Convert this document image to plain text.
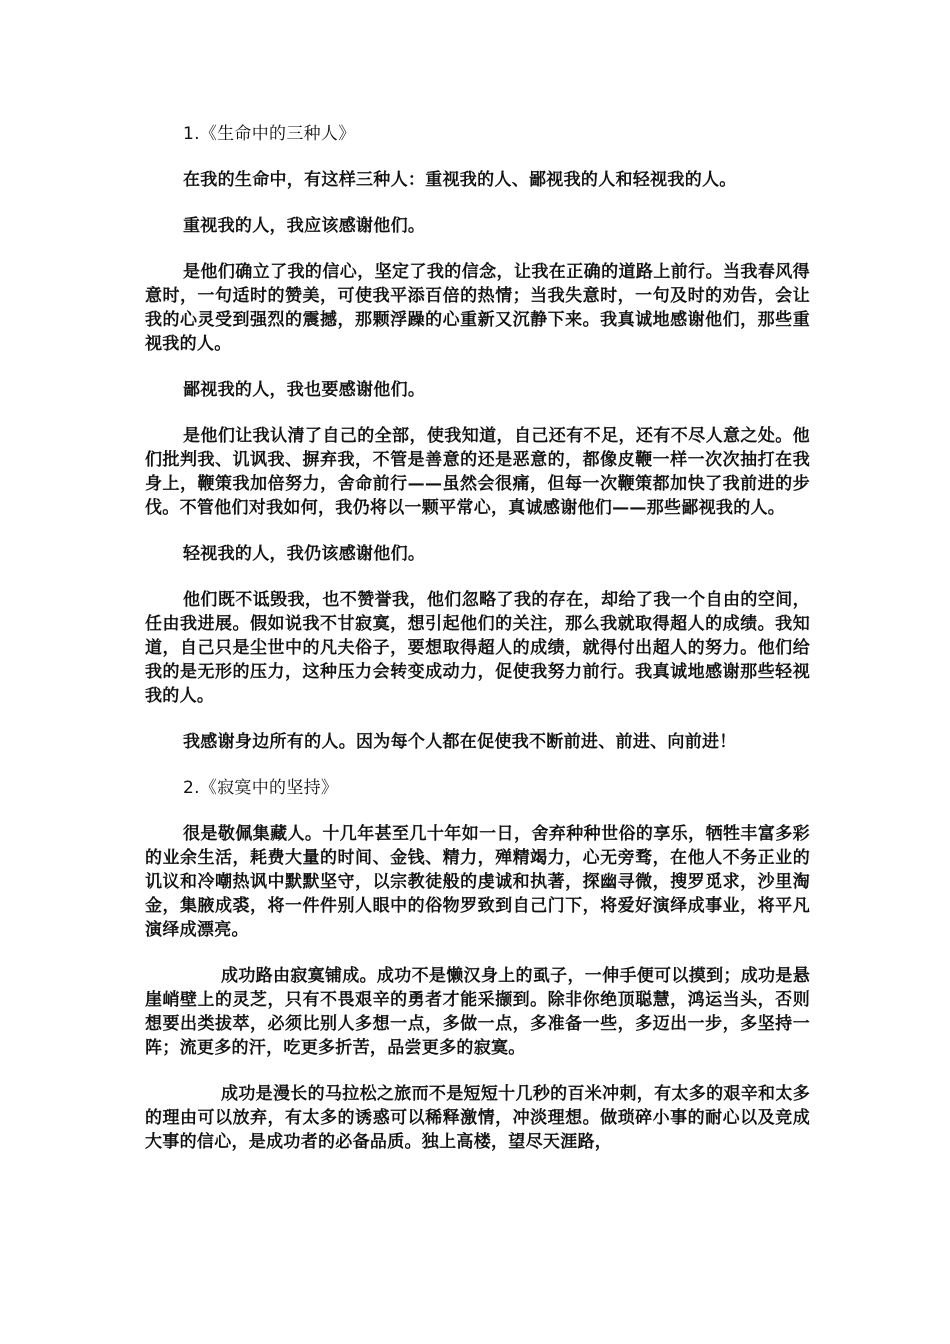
1.《生命中的三种人》

在我的生命中，有这样三种人：重视我的人、鄙视我的人和轻视我的人。

重视我的人，我应该感谢他们。

是他们确立了我的信心，坚定了我的信念，让我在正确的道路上前行。当我春风得意时，一句适时的赞美，可使我平添百倍的热情；当我失意时，一句及时的劝告，会让我的心灵受到强烈的震撼，那颗浮躁的心重新又沉静下来。我真诚地感谢他们，那些重视我的人。

鄙视我的人，我也要感谢他们。

是他们让我认清了自己的全部，使我知道，自己还有不足，还有不尽人意之处。他们批判我、讥讽我、摒弃我，不管是善意的还是恶意的，都像皮鞭一样一次次抽打在我身上，鞭策我加倍努力，舍命前行——虽然会很痛，但每一次鞭策都加快了我前进的步伐。不管他们对我如何，我仍将以一颗平常心，真诚感谢他们——那些鄙视我的人。

轻视我的人，我仍该感谢他们。

他们既不诋毁我，也不赞誉我，他们忽略了我的存在，却给了我一个自由的空间，任由我进展。假如说我不甘寂寞，想引起他们的关注，那么我就取得超人的成绩。我知道，自己只是尘世中的凡夫俗子，要想取得超人的成绩，就得付出超人的努力。他们给我的是无形的压力，这种压力会转变成动力，促使我努力前行。我真诚地感谢那些轻视我的人。

我感谢身边所有的人。因为每个人都在促使我不断前进、前进、向前进！

2.《寂寞中的坚持》

很是敬佩集藏人。十几年甚至几十年如一日，舍弃种种世俗的享乐，牺牲丰富多彩的业余生活，耗费大量的时间、金钱、精力，殚精竭力，心无旁骛，在他人不务正业的讥议和冷嘲热讽中默默坚守，以宗教徒般的虔诚和执著，探幽寻微，搜罗觅求，沙里淘金，集腋成裘，将一件件别人眼中的俗物罗致到自己门下，将爱好演绎成事业，将平凡演绎成漂亮。

成功路由寂寞铺成。成功不是懒汉身上的虱子，一伸手便可以摸到；成功是悬崖峭壁上的灵芝，只有不畏艰辛的勇者才能采撷到。除非你绝顶聪慧，鸿运当头，否则想要出类拔萃，必须比别人多想一点，多做一点，多准备一些，多迈出一步，多坚持一阵；流更多的汗，吃更多折苦，品尝更多的寂寞。

成功是漫长的马拉松之旅而不是短短十几秒的百米冲刺，有太多的艰辛和太多的理由可以放弃，有太多的诱惑可以稀释激情，冲淡理想。做琐碎小事的耐心以及竞成大事的信心，是成功者的必备品质。独上高楼，望尽天涯路，
